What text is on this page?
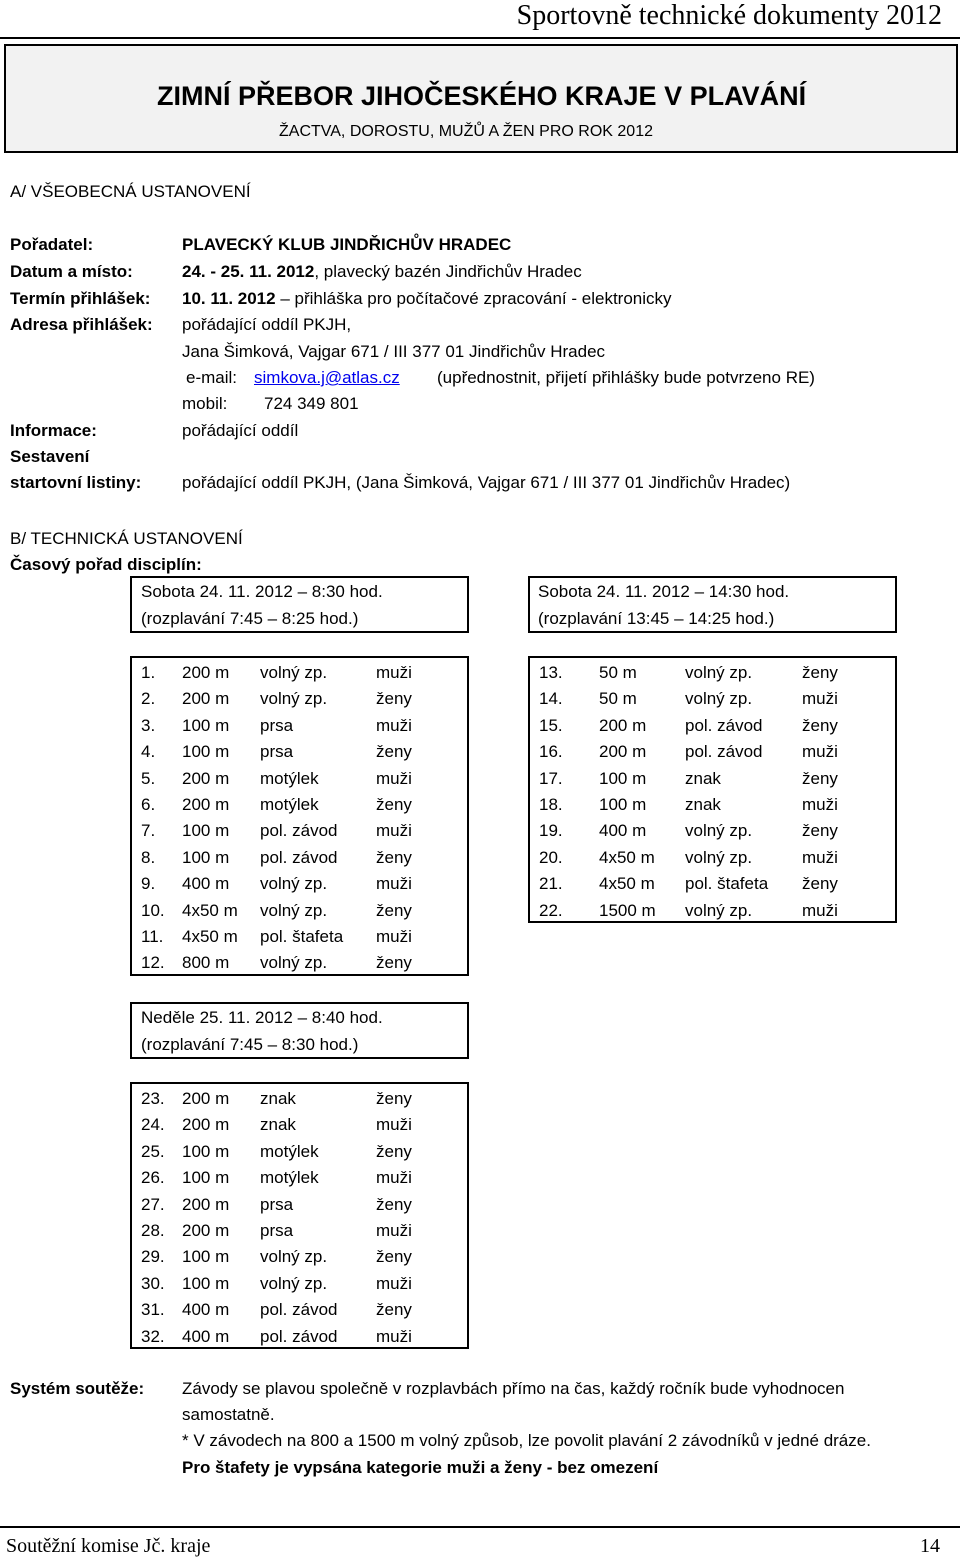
Sportovně technické dokumenty 2012
ZIMNÍ PŘEBOR JIHOČESKÉHO KRAJE V PLAVÁNÍ
ŽACTVA, DOROSTU, MUŽŮ A ŽEN PRO ROK 2012
A/ VŠEOBECNÁ USTANOVENÍ
Pořadatel:	PLAVECKÝ KLUB JINDŘICHŮV HRADEC
Datum a místo:	24. - 25. 11. 2012, plavecký bazén Jindřichův Hradec
Termín přihlášek: 10. 11. 2012 – přihláška pro počítačové zpracování - elektronicky
Adresa přihlášek: pořádající oddíl PKJH,
Jana Šimková, Vajgar 671 / III 377 01 Jindřichův Hradec
e-mail: simkova.j@atlas.cz (upřednostnit, přijetí přihlášky bude potvrzeno RE)
mobil: 724 349 801
Informace:	pořádající oddíl
Sestavení
startovní listiny: pořádající oddíl PKJH, (Jana Šimková, Vajgar 671 / III 377 01 Jindřichův Hradec)
B/ TECHNICKÁ USTANOVENÍ
Časový pořad disciplín:
Sobota 24. 11. 2012 – 8:30 hod.
(rozplavání 7:45 – 8:25 hod.)
Sobota 24. 11. 2012 – 14:30 hod.
(rozplavání 13:45 – 14:25 hod.)
1. 200 m volný zp.	muži
2. 200 m volný zp.	ženy
3. 100 m prsa	muži
4. 100 m prsa	ženy
5. 200 m motýlek	muži
6. 200 m motýlek	ženy
7. 100 m pol. závod muži
8. 100 m pol. závod ženy
9. 400 m volný zp.	muži
10. 4x50 m volný zp.	ženy
11. 4x50 m pol. štafeta muži
12. 800 m volný zp.	ženy
13. 50 m	volný zp.	ženy
14. 50 m	volný zp.	muži
15. 200 m pol. závod ženy
16. 200 m pol. závod muži
17. 100 m znak	ženy
18. 100 m znak	muži
19. 400 m volný zp.	ženy
20. 4x50 m volný zp.	muži
21. 4x50 m pol. štafeta ženy
22. 1500 m volný zp.	muži
Neděle 25. 11. 2012 – 8:40 hod.
(rozplavání 7:45 – 8:30 hod.)
23. 200 m znak	ženy
24. 200 m znak	muži
25. 100 m motýlek	ženy
26. 100 m motýlek	muži
27. 200 m prsa	ženy
28. 200 m prsa	muži
29. 100 m volný zp.	ženy
30. 100 m volný zp.	muži
31. 400 m pol. závod ženy
32. 400 m pol. závod muži
Systém soutěže: Závody se plavou společně v rozplavbách přímo na čas, každý ročník bude vyhodnocen
samostatně.
* V závodech na 800 a 1500 m volný způsob, lze povolit plavání 2 závodníků v jedné dráze.
Pro štafety je vypsána kategorie muži a ženy - bez omezení
Soutěžní komise Jč. kraje	14
